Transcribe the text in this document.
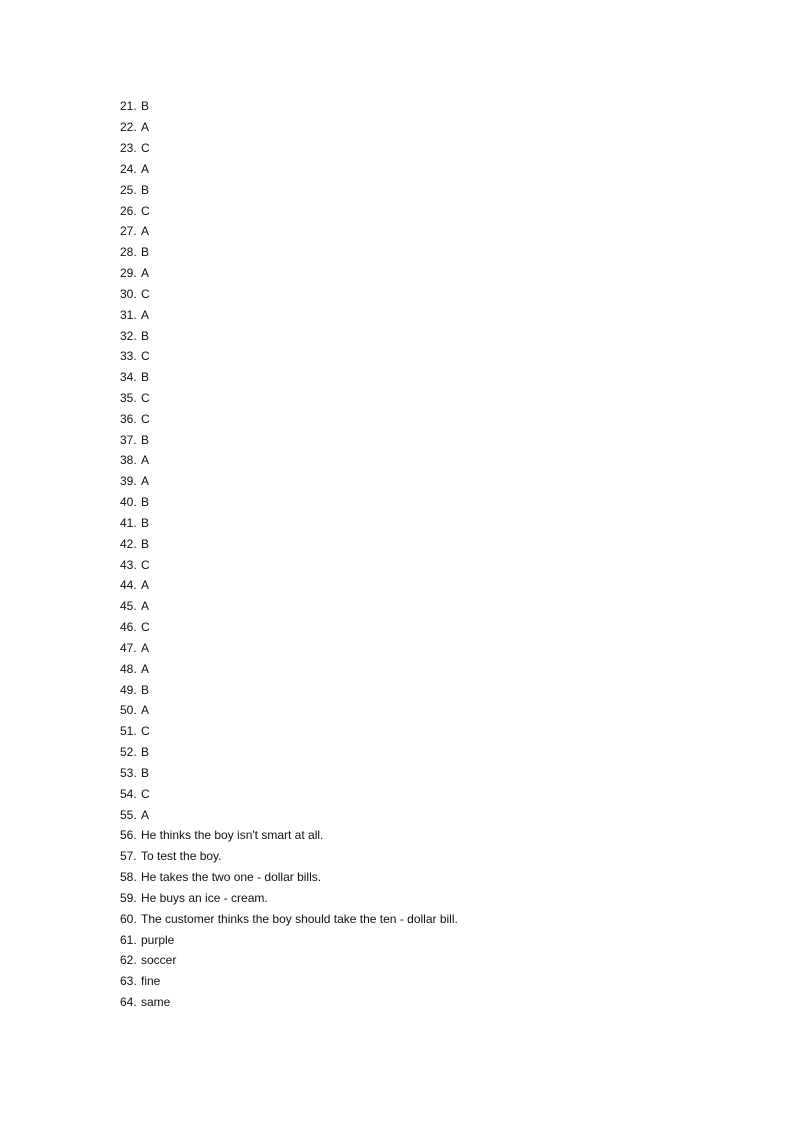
21. B
22. A
23. C
24. A
25. B
26. C
27. A
28. B
29. A
30. C
31. A
32. B
33. C
34. B
35. C
36. C
37. B
38. A
39. A
40. B
41. B
42. B
43. C
44. A
45. A
46. C
47. A
48. A
49. B
50. A
51. C
52. B
53. B
54. C
55. A
56. He thinks the boy isn't smart at all.
57. To test the boy.
58. He takes the two one - dollar bills.
59. He buys an ice - cream.
60. The customer thinks the boy should take the ten - dollar bill.
61. purple
62. soccer
63. fine
64. same
